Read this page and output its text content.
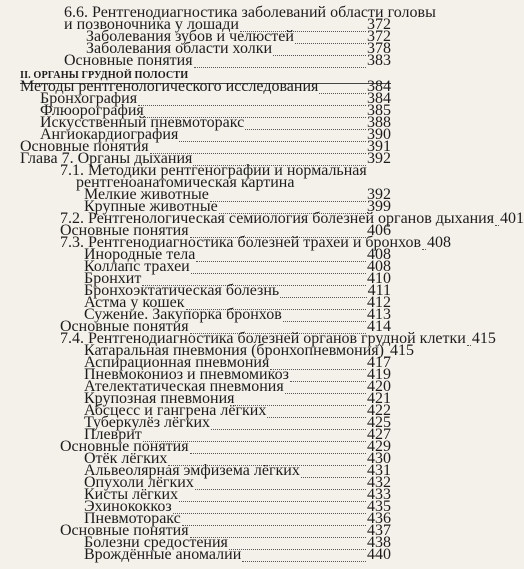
6.6. Рентгенодиагностика заболеваний области головы
и позвоночника у лошади	372
Заболевания зубов и челюстей	372
Заболевания области холки	378
Основные понятия	383
II. ОРГАНЫ ГРУДНОЙ ПОЛОСТИ
Методы рентгенологического исследования	384
Бронхография	384
Флюорография	385
Искусственный пневмоторакс	388
Ангиокардиография	390
Основные понятия	391
Глава 7. Органы дыхания	392
7.1. Методики рентгенографии и нормальная
рентгеноанатомическая картина
Мелкие животные	392
Крупные животные	399
7.2. Рентгенологическая семиология болезней органов дыхания 401
Основные понятия	406
7.3. Рентгенодиагностика болезней трахеи и бронхов 408
Инородные тела	408
Коллапс трахеи	408
Бронхит	410
Бронхоэктатическая болезнь	411
Астма у кошек	412
Сужение. Закупорка бронхов	413
Основные понятия	414
7.4. Рентгенодиагностика болезней органов грудной клетки 415
Катаральная пневмония (бронхопневмония) 415
Аспирационная пневмония	417
Пневмокониоз и пневмомикоз	419
Ателектатическая пневмония	420
Крупозная пневмония	421
Абсцесс и гангрена лёгких	422
Туберкулёз лёгких	425
Плеврит	427
Основные понятия	429
Отёк лёгких	430
Альвеолярная эмфизема лёгких	431
Опухоли лёгких	432
Кисты лёгких	433
Эхинококкоз	435
Пневмоторакс	436
Основные понятия	437
Болезни средостения	438
Врождённые аномалии	440
